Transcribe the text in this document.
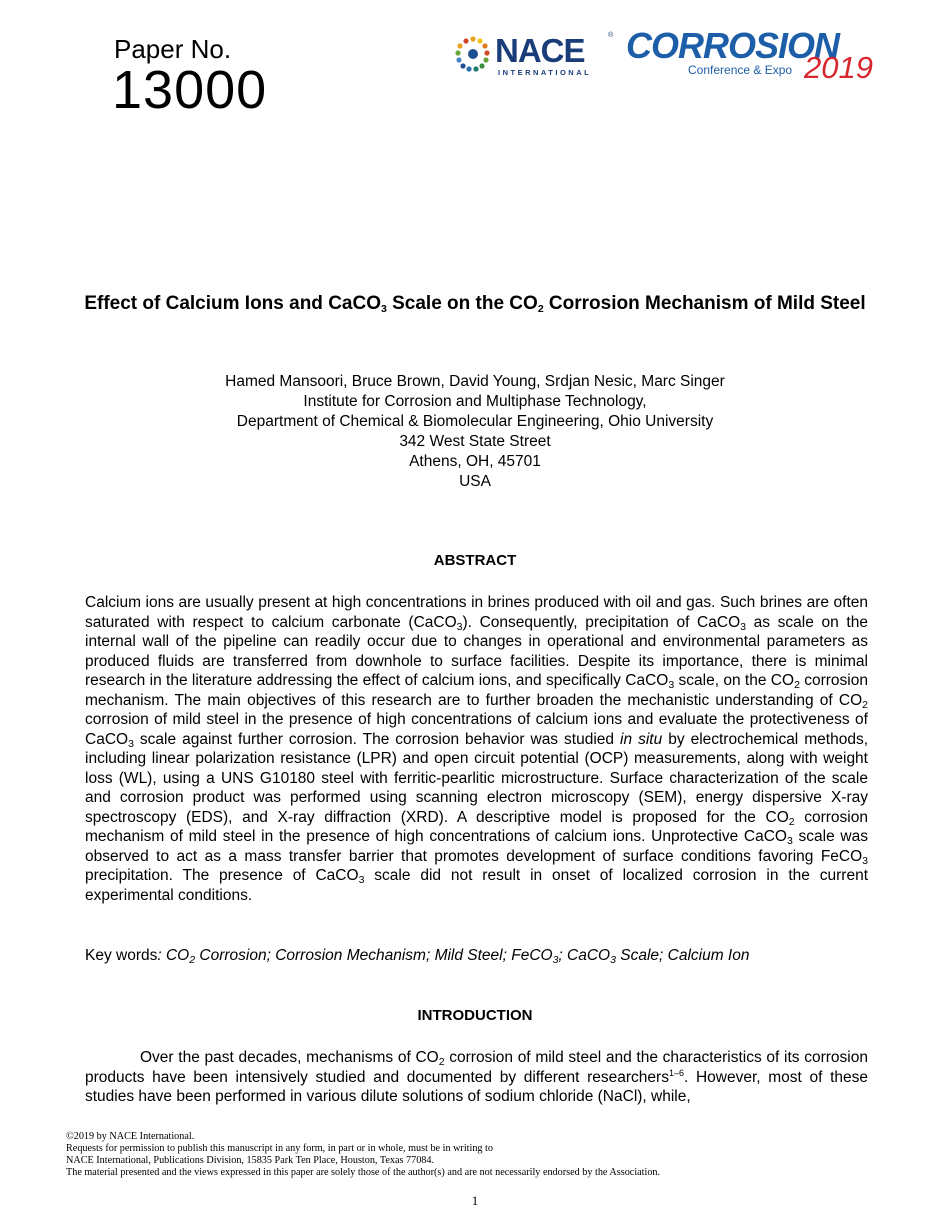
Paper No.
13000
NACE	®
INTERNATIONAL
CORROSION
Conference & Expo 2019
Effect of Calcium Ions and CaCO$_3$ Scale on the $CO_2$ Corrosion Mechanism of Mild Steel
Hamed Mansoori, Bruce Brown, David Young, Srdjan Nesic, Marc Singer
Institute for Corrosion and Multiphase Technology,
Department of Chemical & Biomolecular Engineering, Ohio University
342 West State Street
Athens, OH, 45701
USA
ABSTRACT
Calcium ions are usually present at high concentrations in brines produced with oil and gas. Such brines are often saturated with respect to calcium carbonate (CaCO$_3$). Consequently, precipitation of CaCO$_3$ as scale on the internal wall of the pipeline can readily occur due to changes in operational and environmental parameters as produced fluids are transferred from downhole to surface facilities. Despite its importance, there is minimal research in the literature addressing the effect of calcium ions, and specifically CaCO$_3$ scale, on the $CO_2$ corrosion mechanism. The main objectives of this research are to further broaden the mechanistic understanding of $CO_2$ corrosion of mild steel in the presence of high concentrations of calcium ions and evaluate the protectiveness of CaCO$_3$ scale against further corrosion. The corrosion behavior was studied in situ by electrochemical methods, including linear polarization resistance (LPR) and open circuit potential (OCP) measurements, along with weight loss (WL), using a UNS G10180 steel with ferritic-pearlitic microstructure. Surface characterization of the scale and corrosion product was performed using scanning electron microscopy (SEM), energy dispersive X-ray spectroscopy (EDS), and X-ray diffraction (XRD). A descriptive model is proposed for the $CO_2$ corrosion mechanism of mild steel in the presence of high concentrations of calcium ions. Unprotective CaCO$_3$ scale was observed to act as a mass transfer barrier that promotes development of surface conditions favoring FeCO$_3$ precipitation. The presence of CaCO$_3$ scale did not result in onset of localized corrosion in the current experimental conditions.
Key words: $CO_2$ Corrosion; Corrosion Mechanism; Mild Steel; FeCO$_3$; CaCO$_3$ Scale; Calcium Ion
INTRODUCTION
Over the past decades, mechanisms of $CO_2$ corrosion of mild steel and the characteristics of its corrosion products have been intensively studied and documented by different researchers$^{1-6}$. However, most of these studies have been performed in various dilute solutions of sodium chloride (NaCl), while,
©2019 by NACE International.
Requests for permission to publish this manuscript in any form, in part or in whole, must be in writing to
NACE International, Publications Division, 15835 Park Ten Place, Houston, Texas 77084.
The material presented and the views expressed in this paper are solely those of the author(s) and are not necessarily endorsed by the Association.
1
